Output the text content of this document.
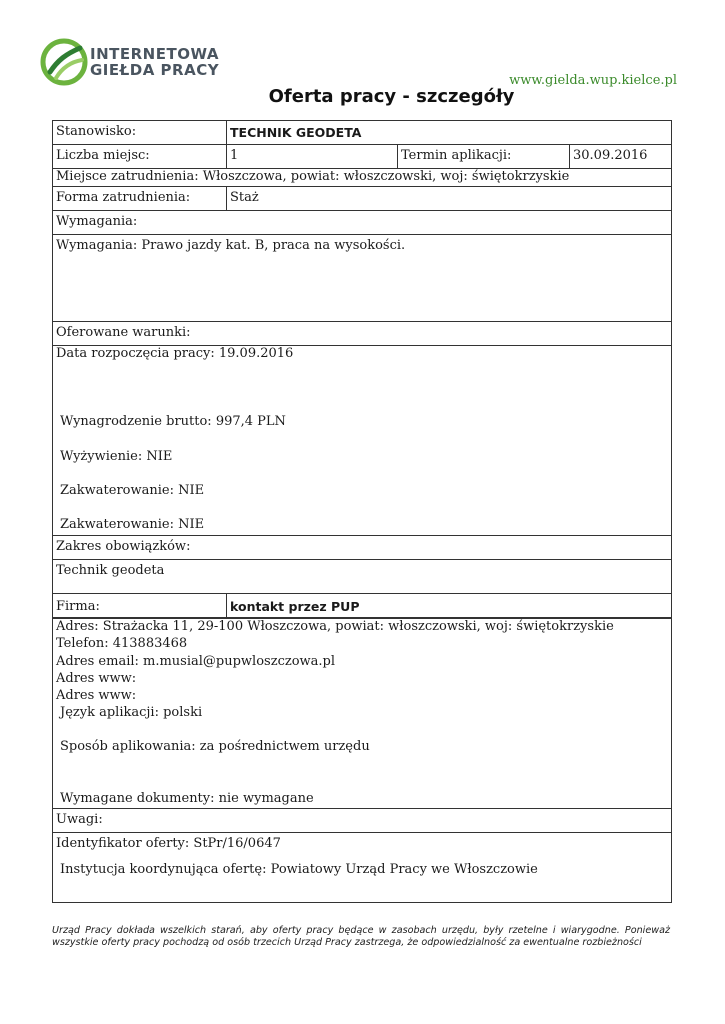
INTERNETOWA
GIEŁDA PRACY
www.gielda.wup.kielce.pl
Oferta pracy - szczegóły
Stanowisko:	TECHNIK GEODETA
Liczba miejsc:	1	Termin aplikacji:	30.09.2016
Miejsce zatrudnienia: Włoszczowa, powiat: włoszczowski, woj: świętokrzyskie
Forma zatrudnienia:	Staż
Wymagania:
Wymagania: Prawo jazdy kat. B, praca na wysokości.
Oferowane warunki:
Data rozpoczęcia pracy: 19.09.2016
Wynagrodzenie brutto: 997,4 PLN
Wyżywienie: NIE
Zakwaterowanie: NIE
Zakwaterowanie: NIE
Zakres obowiązków:
Technik geodeta
Firma:	kontakt przez PUP
Adres: Strażacka 11, 29-100 Włoszczowa, powiat: włoszczowski, woj: świętokrzyskie
Telefon: 413883468
Adres email: m.musial@pupwloszczowa.pl
Adres www:
Adres www:
Język aplikacji: polski
Sposób aplikowania: za pośrednictwem urzędu
Wymagane dokumenty: nie wymagane
Uwagi:
Identyfikator oferty: StPr/16/0647
Instytucja koordynująca ofertę: Powiatowy Urząd Pracy we Włoszczowie
Urząd Pracy dokłada wszelkich starań, aby oferty pracy będące w zasobach urzędu, były rzetelne i wiarygodne. Ponieważ wszystkie oferty pracy pochodzą od osób trzecich Urząd Pracy zastrzega, że odpowiedzialność za ewentualne rozbieżności
